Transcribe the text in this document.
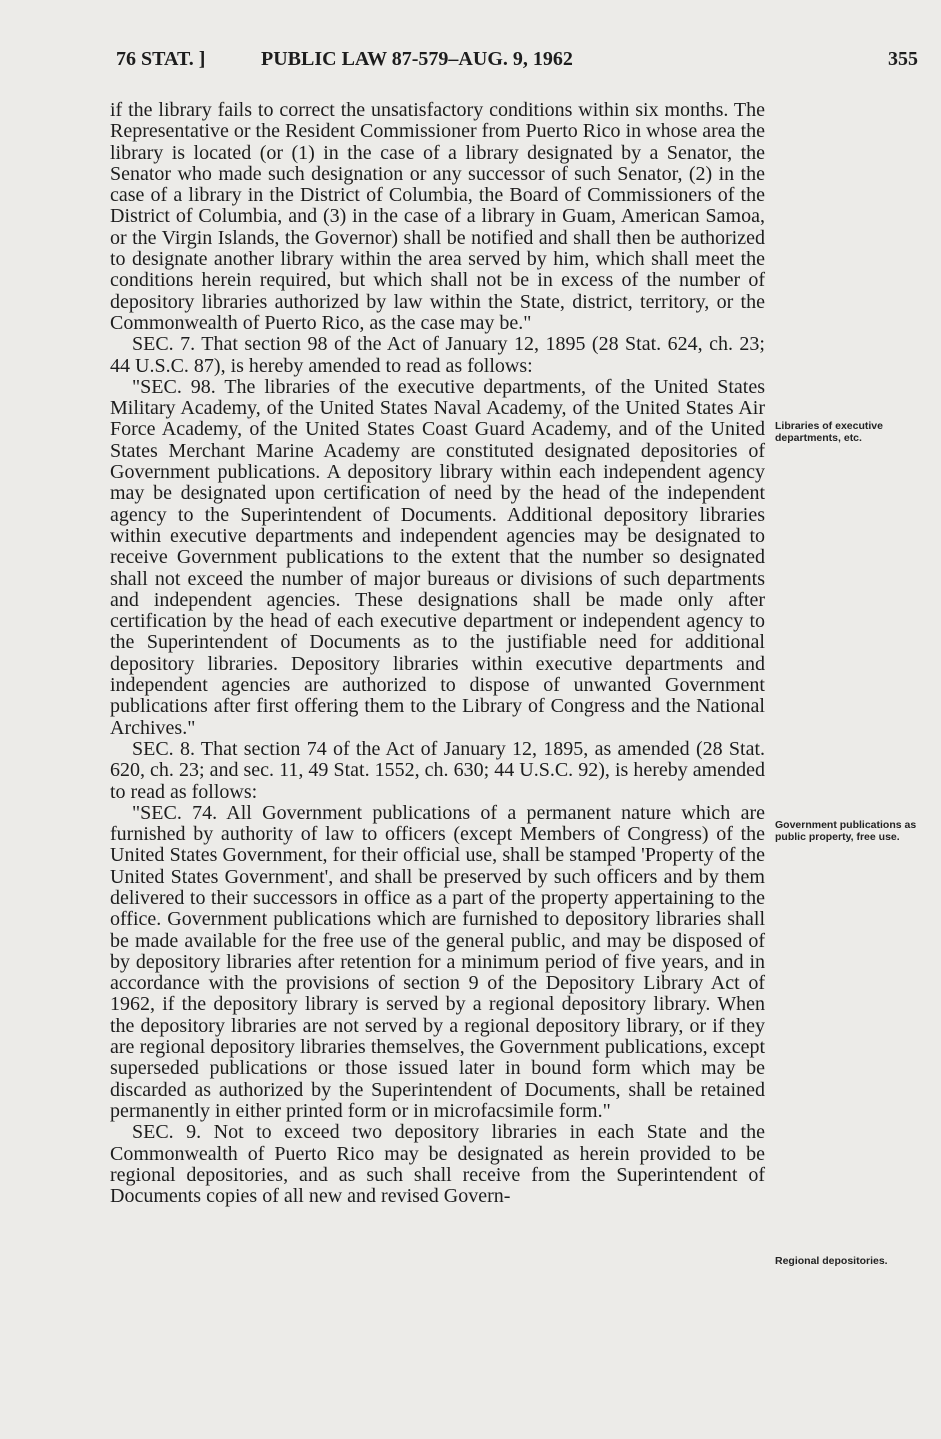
76 STAT. ]	PUBLIC LAW 87-579–AUG. 9, 1962	355

if the library fails to correct the unsatisfactory conditions within six months. The Representative or the Resident Commissioner from Puerto Rico in whose area the library is located (or (1) in the case of a library designated by a Senator, the Senator who made such designation or any successor of such Senator, (2) in the case of a library in the District of Columbia, the Board of Commissioners of the District of Columbia, and (3) in the case of a library in Guam, American Samoa, or the Virgin Islands, the Governor) shall be notified and shall then be authorized to designate another library within the area served by him, which shall meet the conditions herein required, but which shall not be in excess of the number of depository libraries authorized by law within the State, district, territory, or the Commonwealth of Puerto Rico, as the case may be."

SEC. 7. That section 98 of the Act of January 12, 1895 (28 Stat. 624, ch. 23; 44 U.S.C. 87), is hereby amended to read as follows:

"SEC. 98. The libraries of the executive departments, of the United States Military Academy, of the United States Naval Academy, of the United States Air Force Academy, of the United States Coast Guard Academy, and of the United States Merchant Marine Academy are constituted designated depositories of Government publications. A depository library within each independent agency may be designated upon certification of need by the head of the independent agency to the Superintendent of Documents. Additional depository libraries within executive departments and independent agencies may be designated to receive Government publications to the extent that the number so designated shall not exceed the number of major bureaus or divisions of such departments and independent agencies. These designations shall be made only after certification by the head of each executive department or independent agency to the Superintendent of Documents as to the justifiable need for additional depository libraries. Depository libraries within executive departments and independent agencies are authorized to dispose of unwanted Government publications after first offering them to the Library of Congress and the National Archives."

SEC. 8. That section 74 of the Act of January 12, 1895, as amended (28 Stat. 620, ch. 23; and sec. 11, 49 Stat. 1552, ch. 630; 44 U.S.C. 92), is hereby amended to read as follows:

"SEC. 74. All Government publications of a permanent nature which are furnished by authority of law to officers (except Members of Congress) of the United States Government, for their official use, shall be stamped 'Property of the United States Government', and shall be preserved by such officers and by them delivered to their successors in office as a part of the property appertaining to the office. Government publications which are furnished to depository libraries shall be made available for the free use of the general public, and may be disposed of by depository libraries after retention for a minimum period of five years, and in accordance with the provisions of section 9 of the Depository Library Act of 1962, if the depository library is served by a regional depository library. When the depository libraries are not served by a regional depository library, or if they are regional depository libraries themselves, the Government publications, except superseded publications or those issued later in bound form which may be discarded as authorized by the Superintendent of Documents, shall be retained permanently in either printed form or in microfacsimile form."

SEC. 9. Not to exceed two depository libraries in each State and the Commonwealth of Puerto Rico may be designated as herein provided to be regional depositories, and as such shall receive from the Superintendent of Documents copies of all new and revised Govern-

Libraries of executive departments, etc.
Government publications as public property, free use.
Regional depositories.
